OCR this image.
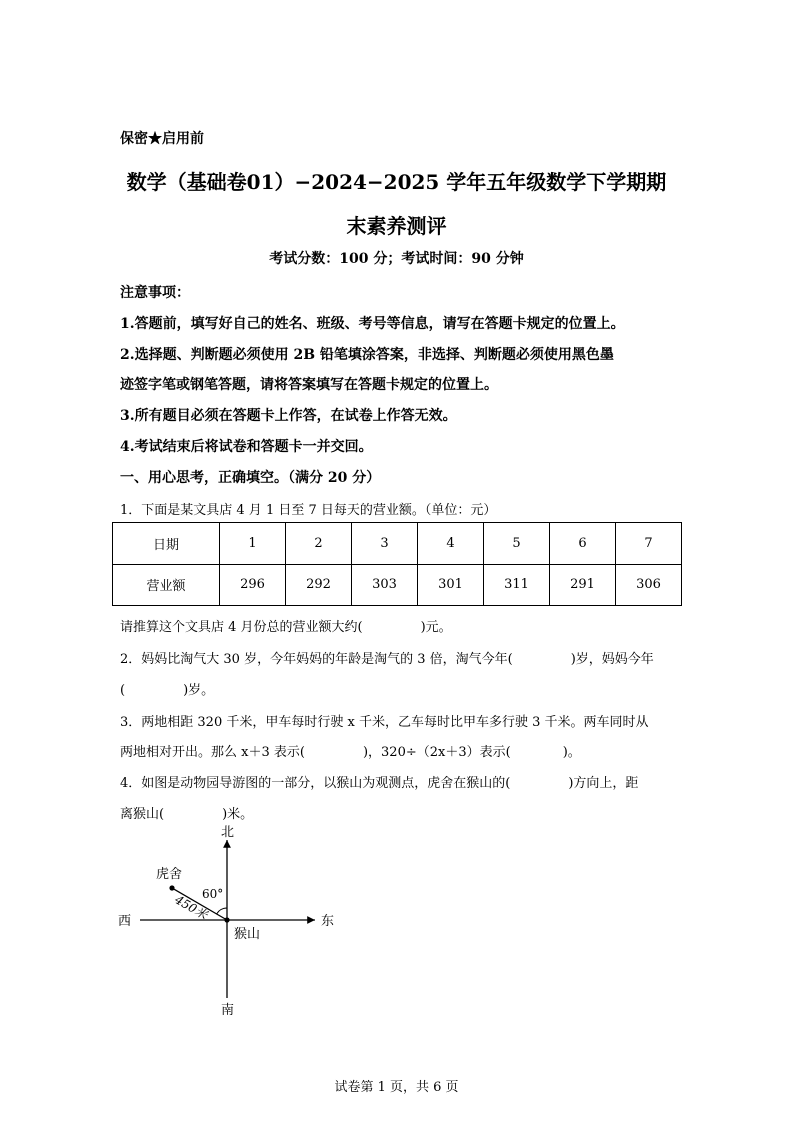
保密★启用前
数学（基础卷01）−2024−2025 学年五年级数学下学期期
末素养测评
考试分数：100 分；考试时间：90 分钟
注意事项：
1.答题前，填写好自己的姓名、班级、考号等信息，请写在答题卡规定的位置上。
2.选择题、判断题必须使用 2B 铅笔填涂答案，非选择、判断题必须使用黑色墨
迹签字笔或钢笔答题，请将答案填写在答题卡规定的位置上。
3.所有题目必须在答题卡上作答，在试卷上作答无效。
4.考试结束后将试卷和答题卡一并交回。
一、用心思考，正确填空。（满分 20 分）
1．下面是某文具店 4 月 1 日至 7 日每天的营业额。（单位：元）
日期	1	2	3	4	5	6	7
营业额	296	292	303	301	311	291	306
请推算这个文具店 4 月份总的营业额大约(	)元。
2．妈妈比淘气大 30 岁，今年妈妈的年龄是淘气的 3 倍，淘气今年(	)岁，妈妈今年
(	)岁。
3．两地相距 320 千米，甲车每时行驶 x 千米，乙车每时比甲车多行驶 3 千米。两车同时从
两地相对开出。那么 x＋3 表示(	)，320÷（2x＋3）表示(	)。
4．如图是动物园导游图的一部分，以猴山为观测点，虎舍在猴山的(	)方向上，距
离猴山(	)米。
北
南
东
西
虎舍
猴山
60°
450米
试卷第 1 页，共 6 页
